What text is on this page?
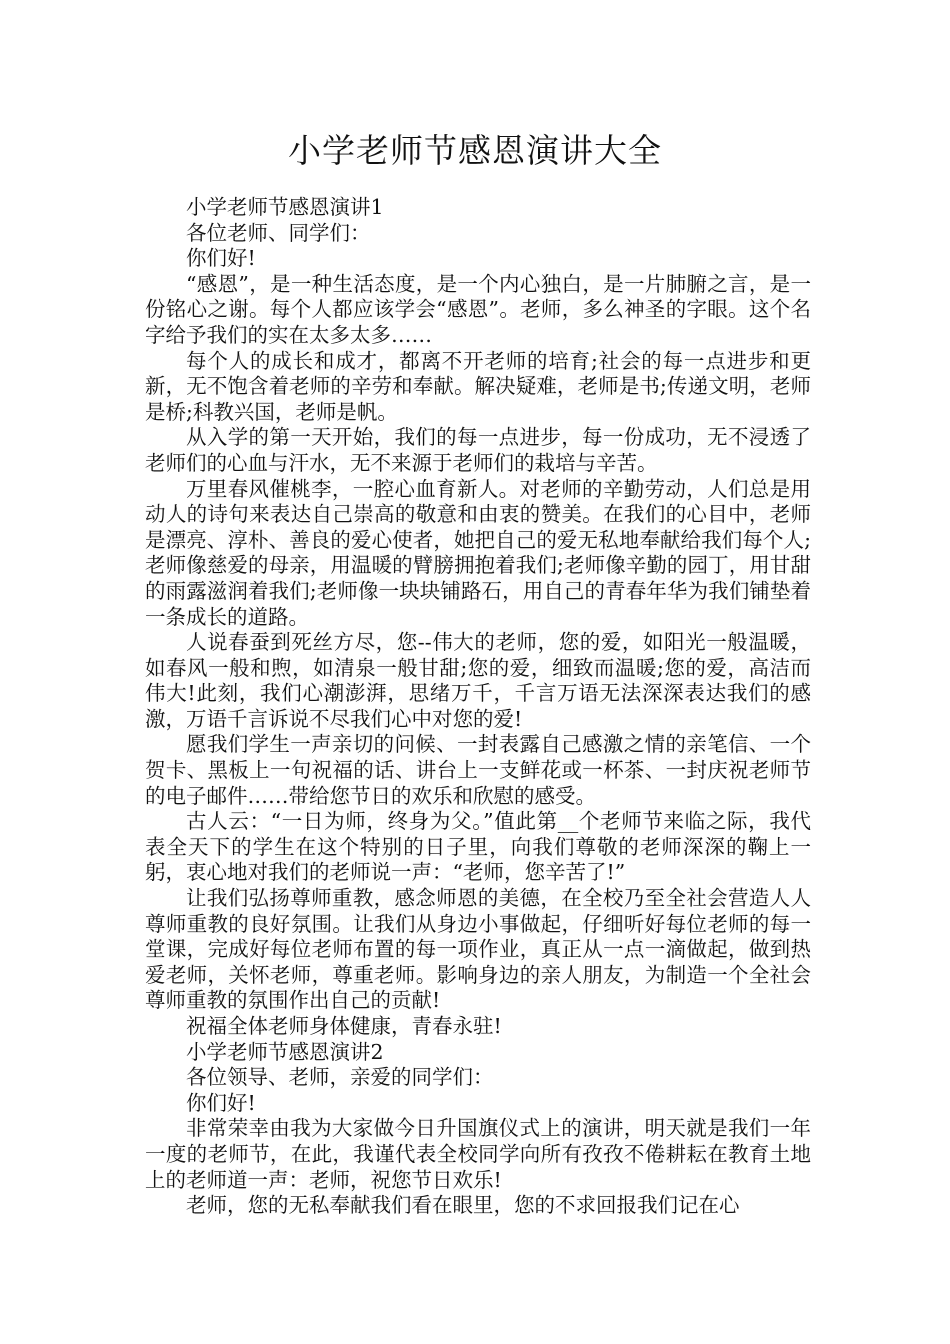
小学老师节感恩演讲大全

小学老师节感恩演讲1

各位老师、同学们：

你们好!

“感恩”，是一种生活态度，是一个内心独白，是一片肺腑之言，是一份铭心之谢。每个人都应该学会“感恩”。老师，多么神圣的字眼。这个名字给予我们的实在太多太多……

每个人的成长和成才，都离不开老师的培育;社会的每一点进步和更新，无不饱含着老师的辛劳和奉献。解决疑难，老师是书;传递文明，老师是桥;科教兴国，老师是帆。

从入学的第一天开始，我们的每一点进步，每一份成功，无不浸透了老师们的心血与汗水，无不来源于老师们的栽培与辛苦。

万里春风催桃李，一腔心血育新人。对老师的辛勤劳动，人们总是用动人的诗句来表达自己崇高的敬意和由衷的赞美。在我们的心目中，老师是漂亮、淳朴、善良的爱心使者，她把自己的爱无私地奉献给我们每个人;老师像慈爱的母亲，用温暖的臂膀拥抱着我们;老师像辛勤的园丁，用甘甜的雨露滋润着我们;老师像一块块铺路石，用自己的青春年华为我们铺垫着一条成长的道路。

人说春蚕到死丝方尽，您--伟大的老师，您的爱，如阳光一般温暖，如春风一般和煦，如清泉一般甘甜;您的爱，细致而温暖;您的爱，高洁而伟大!此刻，我们心潮澎湃，思绪万千，千言万语无法深深表达我们的感激，万语千言诉说不尽我们心中对您的爱!

愿我们学生一声亲切的问候、一封表露自己感激之情的亲笔信、一个贺卡、黑板上一句祝福的话、讲台上一支鲜花或一杯茶、一封庆祝老师节的电子邮件……带给您节日的欢乐和欣慰的感受。

古人云：“一日为师，终身为父。”值此第__个老师节来临之际，我代表全天下的学生在这个特别的日子里，向我们尊敬的老师深深的鞠上一躬，衷心地对我们的老师说一声：“老师，您辛苦了!”

让我们弘扬尊师重教，感念师恩的美德，在全校乃至全社会营造人人尊师重教的良好氛围。让我们从身边小事做起，仔细听好每位老师的每一堂课，完成好每位老师布置的每一项作业，真正从一点一滴做起，做到热爱老师，关怀老师，尊重老师。影响身边的亲人朋友，为制造一个全社会尊师重教的氛围作出自己的贡献!

祝福全体老师身体健康，青春永驻!

小学老师节感恩演讲2

各位领导、老师，亲爱的同学们：

你们好!

非常荣幸由我为大家做今日升国旗仪式上的演讲，明天就是我们一年一度的老师节，在此，我谨代表全校同学向所有孜孜不倦耕耘在教育土地上的老师道一声：老师，祝您节日欢乐!

老师，您的无私奉献我们看在眼里，您的不求回报我们记在心
